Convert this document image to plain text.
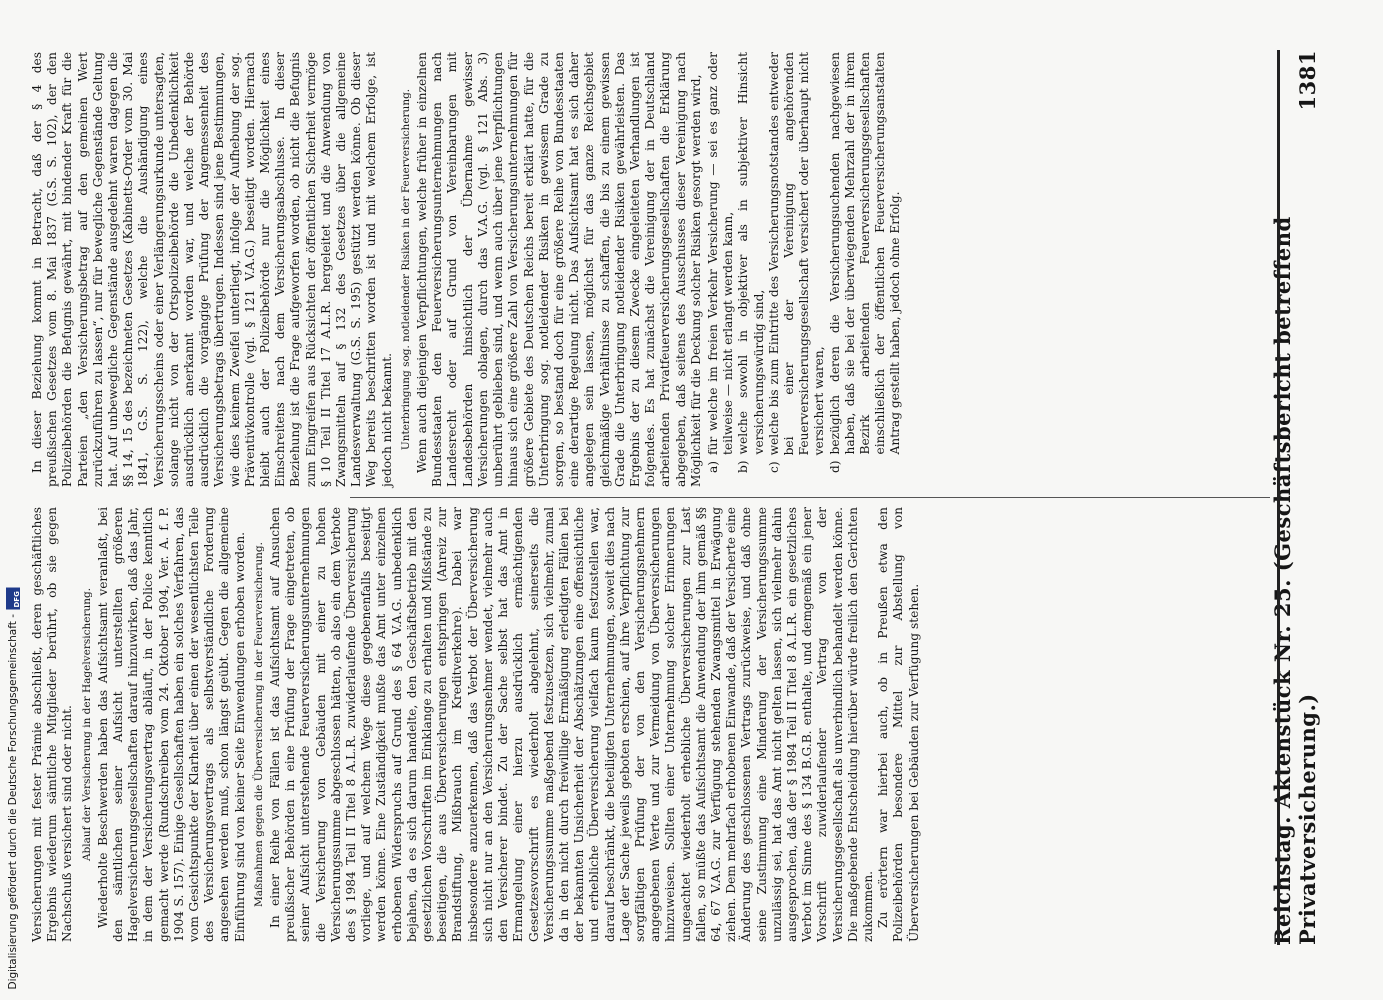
Reichstag. Aktenstück Nr. 25. (Geschäftsbericht betreffend Privatversicherung.)
1381

Versicherungen mit fester Prämie abschließt, deren geschäftliches Ergebnis wiederum sämtliche Mitglieder berührt, ob sie gegen Nachschuß versichert sind oder nicht. Ablauf der Versicherung in der Hagelversicherung. Wiederholte Beschwerden haben das Aufsichtsamt veranlaßt, bei den sämtlichen seiner Aufsicht unterstellten größeren Hagelversicherungsgesellschaften darauf hinzuwirken, daß das Jahr, in dem der Versicherungsvertrag abläuft, in der Police kenntlich gemacht werde (Rundschreiben vom 24. Oktober 1904, Ver. A. f. P. 1904 S. 157). Einige Gesellschaften haben ein solches Verfahren, das vom Gesichtspunkte der Klarheit über einen der wesentlichsten Teile des Versicherungsvertrags als selbstverständliche Forderung angesehen werden muß, schon längst geübt. Gegen die allgemeine Einführung sind von keiner Seite Einwendungen erhoben worden. Maßnahmen gegen die Überversicherung in der Feuerversicherung. In einer Reihe von Fällen ist das Aufsichtsamt auf Ansuchen preußischer Behörden in eine Prüfung der Frage eingetreten, ob seiner Aufsicht unterstehende Feuerversicherungsunternehmungen die Versicherung von Gebäuden mit einer zu hohen Versicherungssumme abgeschlossen hätten, ob also ein dem Verbote des § 1984 Teil II Titel 8 A.L.R. zuwiderlaufende Überversicherung vorliege, und auf welchem Wege diese gegebenenfalls beseitigt werden könne. Eine Zuständigkeit mußte das Amt unter einzelnen erhobenen Widerspruchs auf Grund des § 64 V.A.G. unbedenklich bejahen, da es sich darum handelte, den Geschäftsbetrieb mit den gesetzlichen Vorschriften im Einklange zu erhalten und Mißstände zu beseitigen, die aus Überversicherungen entspringen (Anreiz zur Brandstiftung, Mißbrauch im Kreditverkehre). Dabei war insbesondere anzuerkennen, daß das Verbot der Überversicherung sich nicht nur an den Versicherungsnehmer wendet, vielmehr auch den Versicherer bindet. Zu der Sache selbst hat das Amt in Ermangelung einer hierzu ausdrücklich ermächtigenden Gesetzesvorschrift es wiederholt abgelehnt, seinerseits die Versicherungssumme maßgebend festzusetzen, sich vielmehr, zumal da in den nicht durch freiwillige Ermäßigung erledigten Fällen bei der bekannten Unsicherheit der Abschätzungen eine offensichtliche und erhebliche Überversicherung vielfach kaum festzustellen war, darauf beschränkt, die beteiligten Unternehmungen, soweit dies nach Lage der Sache jeweils geboten erschien, auf ihre Verpflichtung zur sorgfältigen Prüfung der von den Versicherungsnehmern angegebenen Werte und zur Vermeidung von Überversicherungen hinzuweisen. Sollten einer Unternehmung solcher Erinnerungen ungeachtet wiederholt erhebliche Überversicherungen zur Last fallen, so müßte das Aufsichtsamt die Anwendung der ihm gemäß §§ 64, 67 V.A.G. zur Verfügung stehenden Zwangsmittel in Erwägung ziehen. Dem mehrfach erhobenen Einwande, daß der Versicherte eine Änderung des geschlossenen Vertrags zurückweise, und daß ohne seine Zustimmung eine Minderung der Versicherungssumme unzulässig sei, hat das Amt nicht gelten lassen, sich vielmehr dahin ausgesprochen, daß der § 1984 Teil II Titel 8 A.L.R. ein gesetzliches Verbot im Sinne des § 134 B.G.B. enthalte, und demgemäß ein jener Vorschrift zuwiderlaufender Vertrag von der Versicherungsgesellschaft als unverbindlich behandelt werden könne. Die maßgebende Entscheidung hierüber würde freilich den Gerichten zukommen. Zu erörtern war hierbei auch, ob in Preußen etwa den Polizeibehörden besondere Mittel zur Abstellung von Überversicherungen bei Gebäuden zur Verfügung stehen.

In dieser Beziehung kommt in Betracht, daß der § 4 des preußischen Gesetzes vom 8. Mai 1837 (G.S. S. 102), der den Polizeibehörden die Befugnis gewährt, mit bindender Kraft für die Parteien „den Versicherungsbetrag auf den gemeinen Wert zurückzuführen zu lassen“, nur für bewegliche Gegenstände Geltung hat. Auf unbewegliche Gegenstände ausgedehnt waren dagegen die §§ 14, 15 des bezeichneten Gesetzes (Kabinetts-Order vom 30. Mai 1841, G.S. S. 122), welche die Aushändigung eines Versicherungsscheins oder einer Verlängerungsurkunde untersagten, solange nicht von der Ortspolizeibehörde die Unbedenklichkeit ausdrücklich anerkannt worden war, und welche der Behörde ausdrücklich die vorgängige Prüfung der Angemessenheit des Versicherungsbetrags übertrugen. Indessen sind jene Bestimmungen, wie dies keinem Zweifel unterliegt, infolge der Aufhebung der sog. Präventivkontrolle (vgl. § 121 V.A.G.) beseitigt worden. Hiernach bleibt auch der Polizeibehörde nur die Möglichkeit eines Einschreitens nach dem Versicherungsabschlusse. In dieser Beziehung ist die Frage aufgeworfen worden, ob nicht die Befugnis zum Eingreifen aus Rücksichten der öffentlichen Sicherheit vermöge § 10 Teil II Titel 17 A.L.R. hergeleitet und die Anwendung von Zwangsmitteln auf § 132 des Gesetzes über die allgemeine Landesverwaltung (G.S. S. 195) gestützt werden könne. Ob dieser Weg bereits beschritten worden ist und mit welchem Erfolge, ist jedoch nicht bekannt. Unterbringung sog. notleidender Risiken in der Feuerversicherung. Wenn auch diejenigen Verpflichtungen, welche früher in einzelnen Bundesstaaten den Feuerversicherungsunternehmungen nach Landesrecht oder auf Grund von Vereinbarungen mit Landesbehörden hinsichtlich der Übernahme gewisser Versicherungen oblagen, durch das V.A.G. (vgl. § 121 Abs. 3) unberührt geblieben sind, und wenn auch über jene Verpflichtungen hinaus sich eine größere Zahl von Versicherungsunternehmungen für größere Gebiete des Deutschen Reichs bereit erklärt hatte, für die Unterbringung sog. notleidender Risiken in gewissem Grade zu sorgen, so bestand doch für eine größere Reihe von Bundesstaaten eine derartige Regelung nicht. Das Aufsichtsamt hat es sich daher angelegen sein lassen, möglichst für das ganze Reichsgebiet gleichmäßige Verhältnisse zu schaffen, die bis zu einem gewissen Grade die Unterbringung notleidender Risiken gewährleisten. Das Ergebnis der zu diesem Zwecke eingeleiteten Verhandlungen ist folgendes. Es hat zunächst die Vereinigung der in Deutschland arbeitenden Privatfeuerversicherungsgesellschaften die Erklärung abgegeben, daß seitens des Ausschusses dieser Vereinigung nach Möglichkeit für die Deckung solcher Risiken gesorgt werden wird, a)
für welche im freien Verkehr Versicherung — sei es ganz oder teilweise — nicht erlangt werden kann,
b)
welche sowohl in objektiver als in subjektiver Hinsicht versicherungswürdig sind,
c)
welche bis zum Eintritte des Versicherungsnotstandes entweder bei einer der Vereinigung angehörenden Feuerversicherungsgesellschaft versichert oder überhaupt nicht versichert waren,
d)
bezüglich deren die Versicherungsuchenden nachgewiesen haben, daß sie bei der überwiegenden Mehrzahl der in ihrem Bezirk arbeitenden Feuerversicherungsgesellschaften einschließlich der öffentlichen Feuerversicherungsanstalten Antrag gestellt haben, jedoch ohne Erfolg.
Digitalisierung gefördert durch die Deutsche Forschungsgemeinschaft -
DFG
